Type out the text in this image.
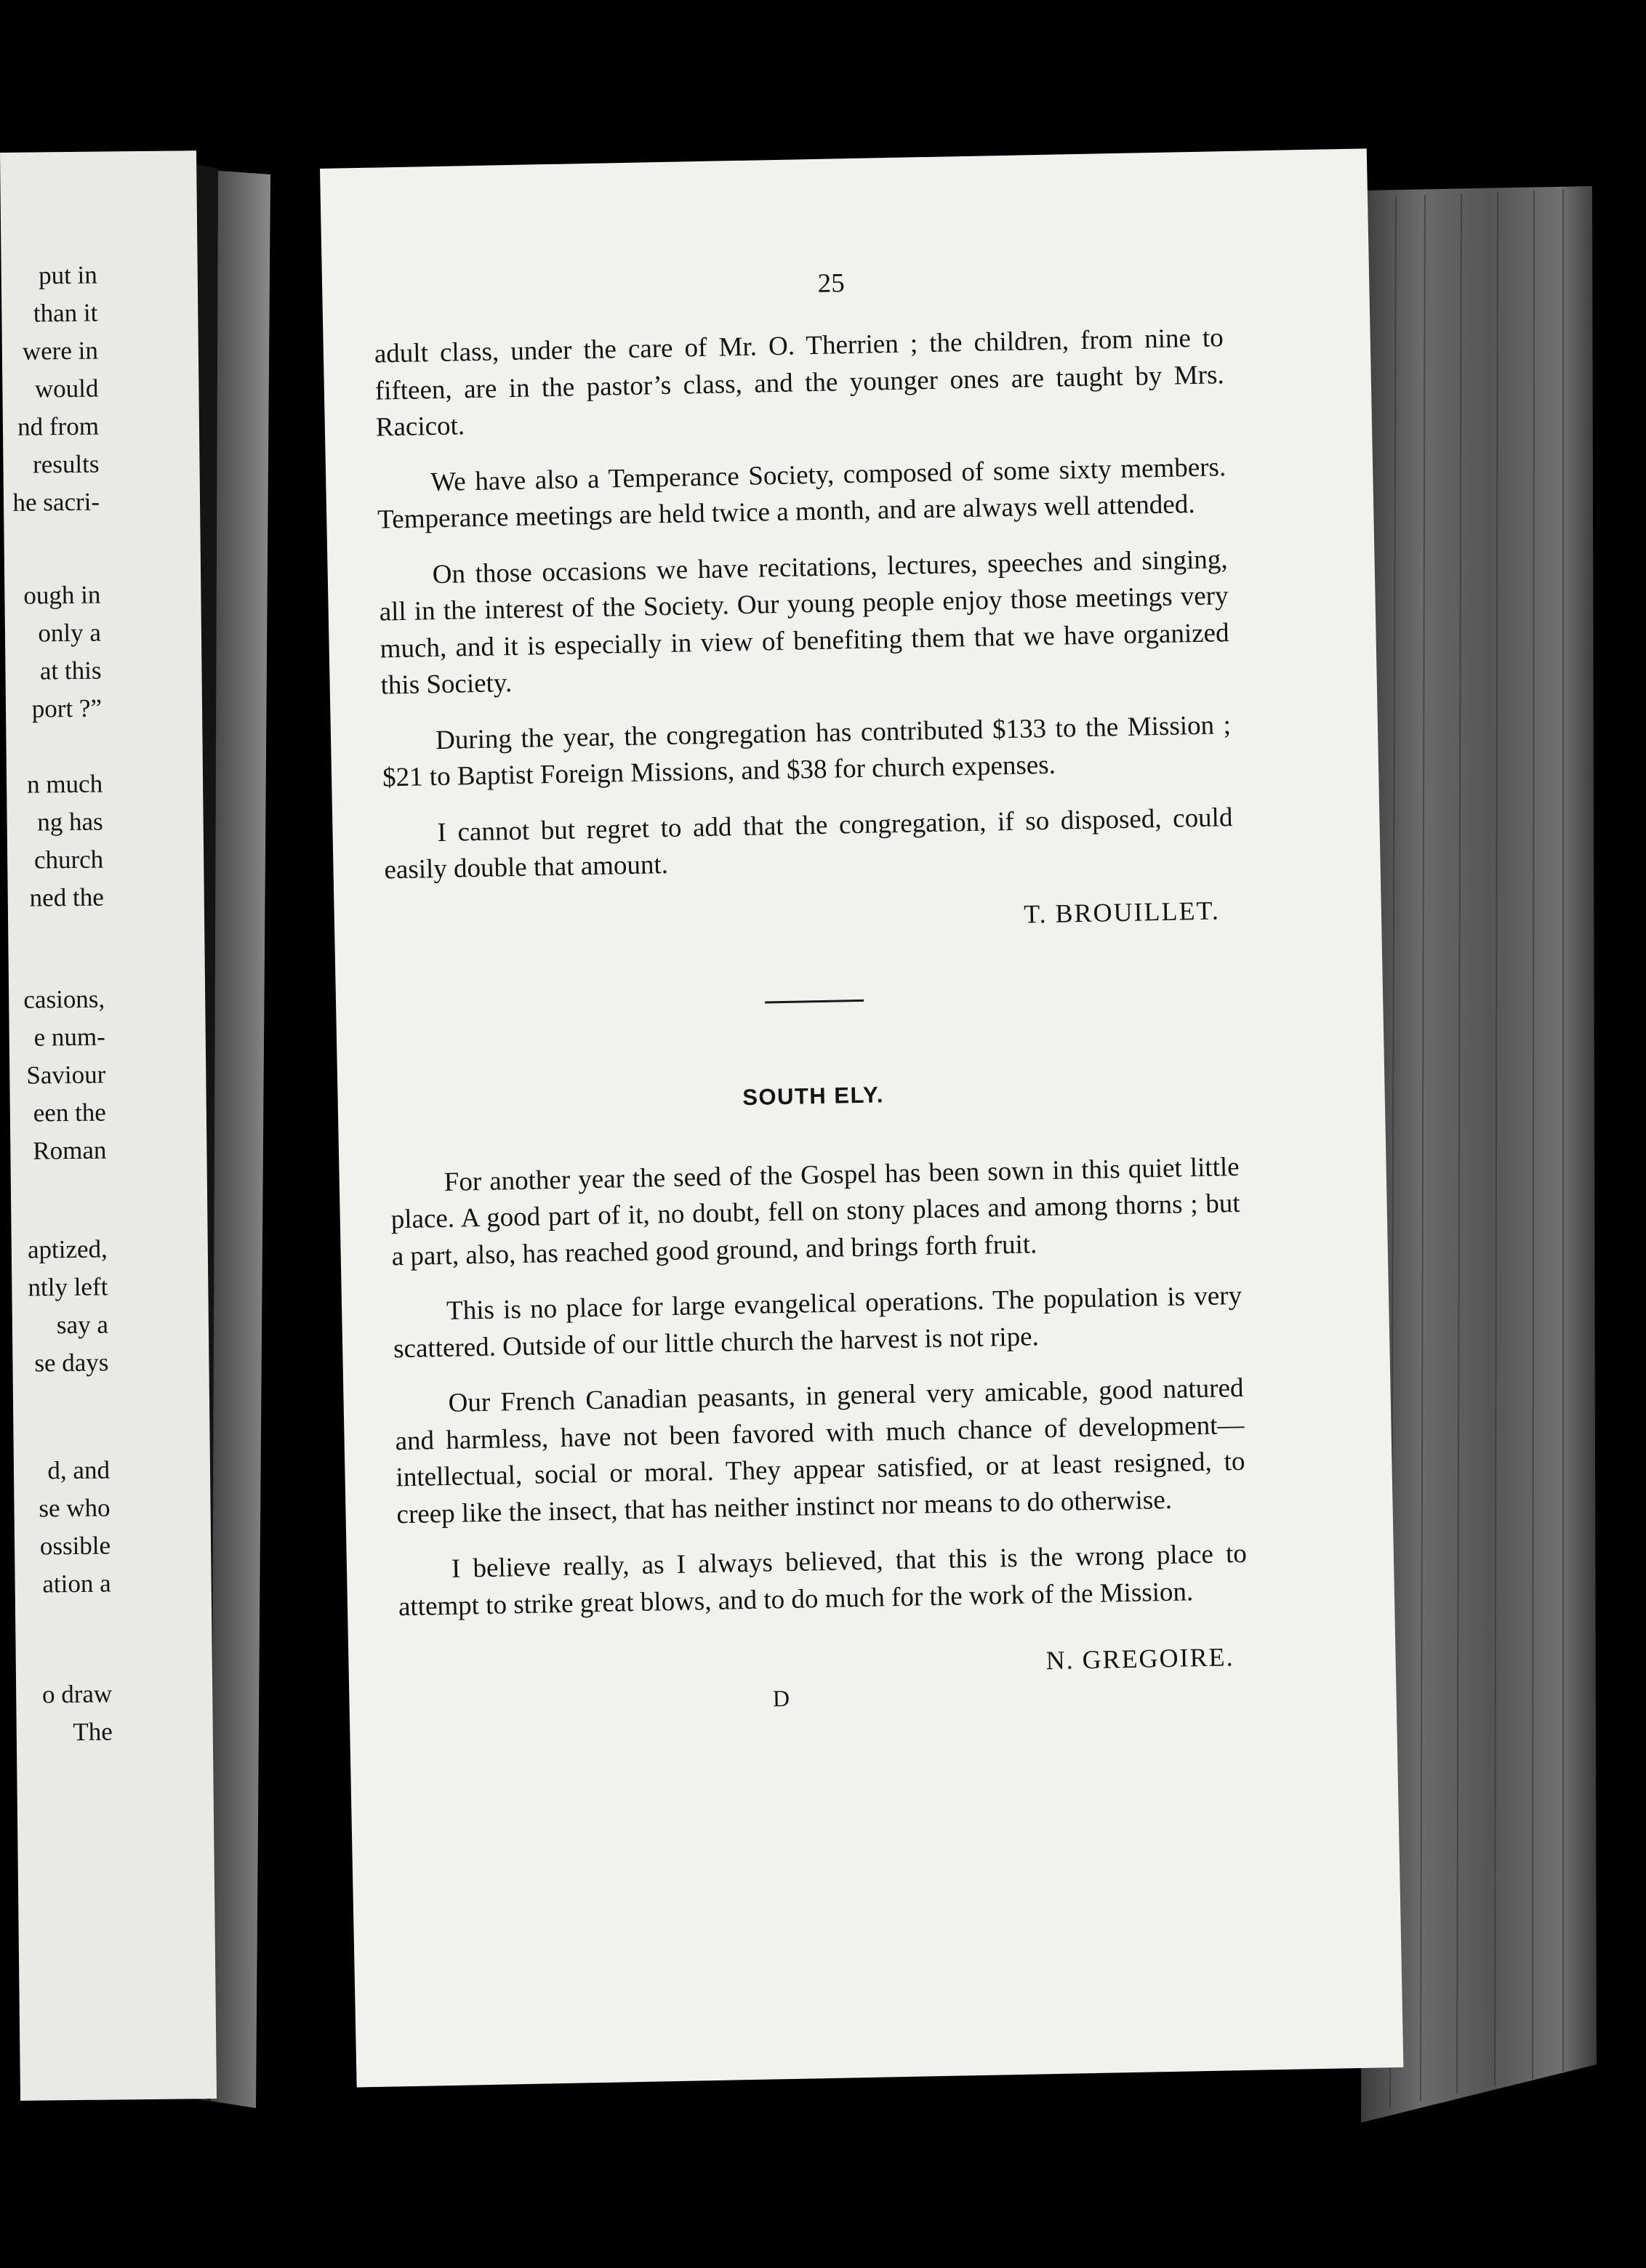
put in
than it
were in
would
nd from
results
he sacri-
ough in
only a
at this
port ?”
n much
ng has
church
ned the
casions,
e num-
Saviour
een the
Roman
aptized,
ntly left
say a
se days
d, and
se who
ossible
ation a
o draw
The
25

adult class, under the care of Mr. O. Therrien ; the children, from nine to fifteen, are in the pastor’s class, and the younger ones are taught by Mrs. Racicot.

We have also a Temperance Society, composed of some sixty members. Temperance meetings are held twice a month, and are always well attended.

On those occasions we have recitations, lectures, speeches and singing, all in the interest of the Society. Our young people enjoy those meetings very much, and it is especially in view of benefiting them that we have organized this Society.

During the year, the congregation has contributed $133 to the Mission ; $21 to Baptist Foreign Missions, and $38 for church expenses.

I cannot but regret to add that the congregation, if so disposed, could easily double that amount.

T. BROUILLET.
SOUTH ELY.

For another year the seed of the Gospel has been sown in this quiet little place. A good part of it, no doubt, fell on stony places and among thorns ; but a part, also, has reached good ground, and brings forth fruit.

This is no place for large evangelical operations. The population is very scattered. Outside of our little church the harvest is not ripe.

Our French Canadian peasants, in general very amicable, good natured and harmless, have not been favored with much chance of development—intellectual, social or moral. They appear satisfied, or at least resigned, to creep like the insect, that has neither instinct nor means to do otherwise.

I believe really, as I always believed, that this is the wrong place to attempt to strike great blows, and to do much for the work of the Mission.

N. GREGOIRE.
D
